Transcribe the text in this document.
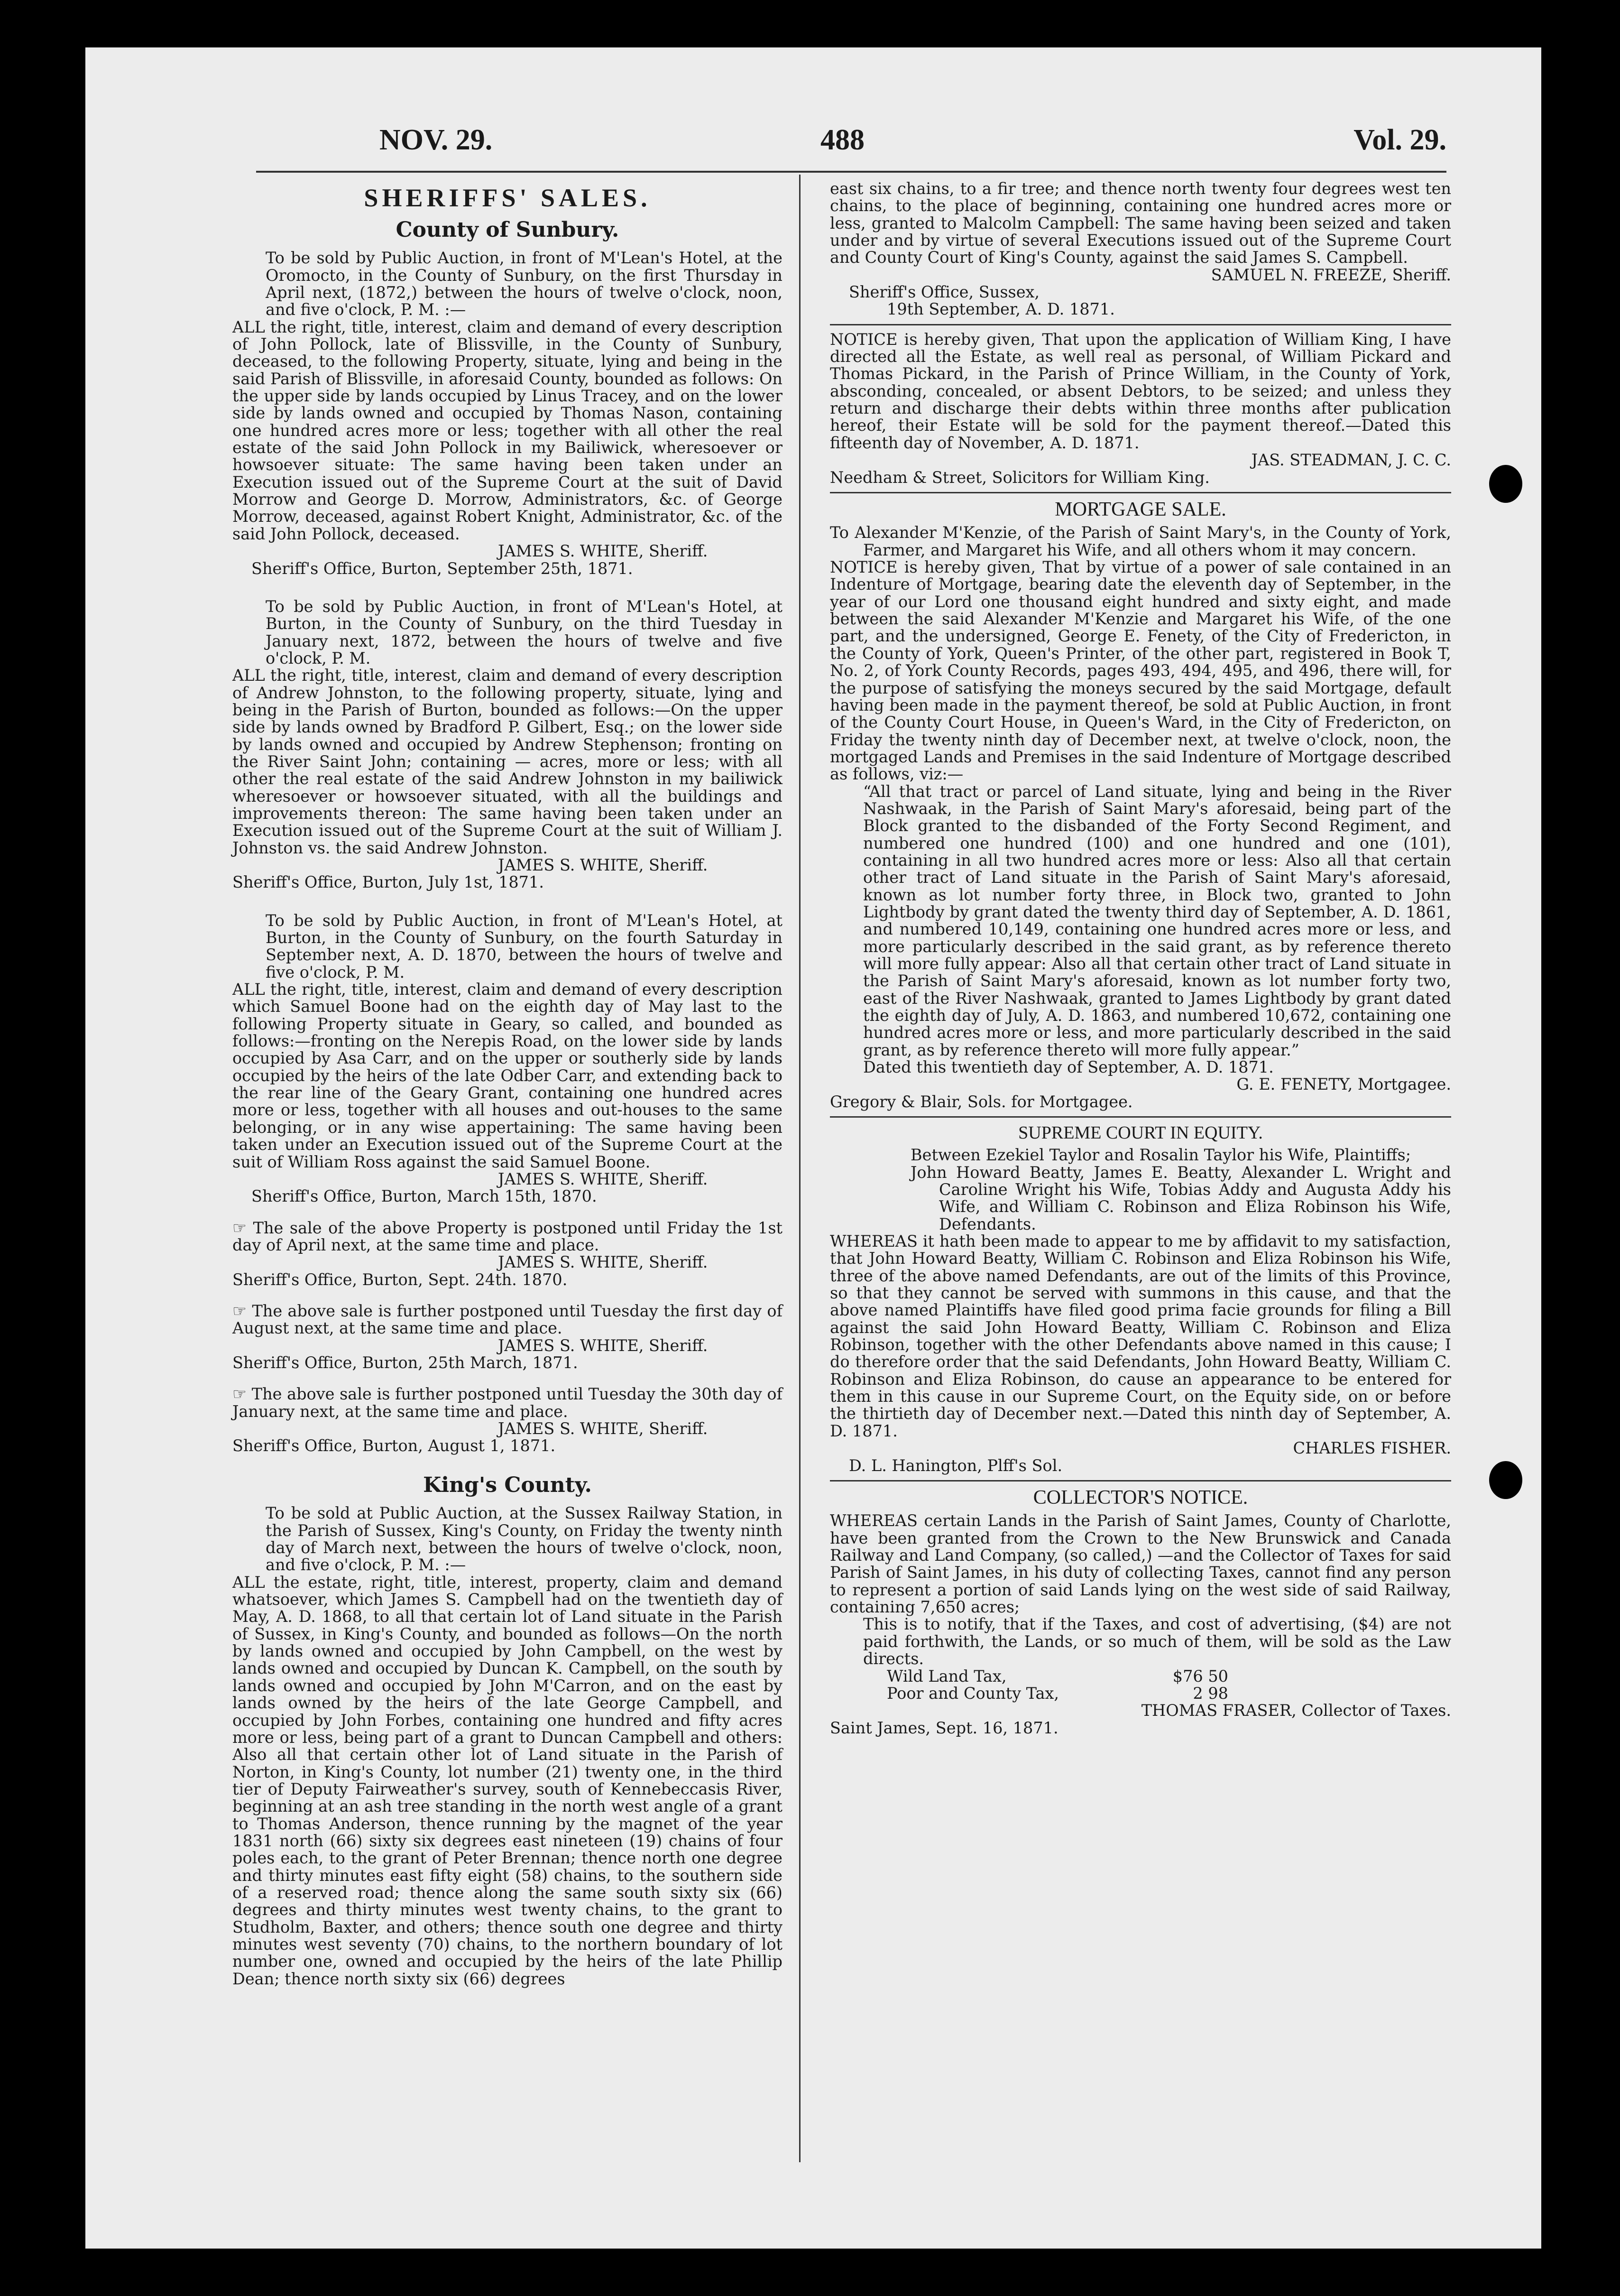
NOV. 29.	488	Vol. 29.
SHERIFFS' SALES.
County of Sunbury.

To be sold by Public Auction, in front of M'Lean's Hotel, at the Oromocto, in the County of Sunbury, on the first Thursday in April next, (1872,) between the hours of twelve o'clock, noon, and five o'clock, P. M. :—

ALL the right, title, interest, claim and demand of every description of John Pollock, late of Blissville, in the County of Sunbury, deceased, to the following Property, situate, lying and being in the said Parish of Blissville, in aforesaid County, bounded as follows: On the upper side by lands occupied by Linus Tracey, and on the lower side by lands owned and occupied by Thomas Nason, containing one hundred acres more or less; together with all other the real estate of the said John Pollock in my Bailiwick, wheresoever or howsoever situate: The same having been taken under an Execution issued out of the Supreme Court at the suit of David Morrow and George D. Morrow, Administrators, &c. of George Morrow, deceased, against Robert Knight, Administrator, &c. of the said John Pollock, deceased.

JAMES S. WHITE, Sheriff.

Sheriff's Office, Burton, September 25th, 1871.

To be sold by Public Auction, in front of M'Lean's Hotel, at Burton, in the County of Sunbury, on the third Tuesday in January next, 1872, between the hours of twelve and five o'clock, P. M.

ALL the right, title, interest, claim and demand of every description of Andrew Johnston, to the following property, situate, lying and being in the Parish of Burton, bounded as follows:—On the upper side by lands owned by Bradford P. Gilbert, Esq.; on the lower side by lands owned and occupied by Andrew Stephenson; fronting on the River Saint John; containing — acres, more or less; with all other the real estate of the said Andrew Johnston in my bailiwick wheresoever or howsoever situated, with all the buildings and improvements thereon: The same having been taken under an Execution issued out of the Supreme Court at the suit of William J. Johnston vs. the said Andrew Johnston.

JAMES S. WHITE, Sheriff.

Sheriff's Office, Burton, July 1st, 1871.

To be sold by Public Auction, in front of M'Lean's Hotel, at Burton, in the County of Sunbury, on the fourth Saturday in September next, A. D. 1870, between the hours of twelve and five o'clock, P. M.

ALL the right, title, interest, claim and demand of every description which Samuel Boone had on the eighth day of May last to the following Property situate in Geary, so called, and bounded as follows:—fronting on the Nerepis Road, on the lower side by lands occupied by Asa Carr, and on the upper or southerly side by lands occupied by the heirs of the late Odber Carr, and extending back to the rear line of the Geary Grant, containing one hundred acres more or less, together with all houses and out-houses to the same belonging, or in any wise appertaining: The same having been taken under an Execution issued out of the Supreme Court at the suit of William Ross against the said Samuel Boone.

JAMES S. WHITE, Sheriff.

Sheriff's Office, Burton, March 15th, 1870.

☞ The sale of the above Property is postponed until Friday the 1st day of April next, at the same time and place.

JAMES S. WHITE, Sheriff.

Sheriff's Office, Burton, Sept. 24th. 1870.

☞ The above sale is further postponed until Tuesday the first day of August next, at the same time and place.

JAMES S. WHITE, Sheriff.

Sheriff's Office, Burton, 25th March, 1871.

☞ The above sale is further postponed until Tuesday the 30th day of January next, at the same time and place.

JAMES S. WHITE, Sheriff.

Sheriff's Office, Burton, August 1, 1871.

King's County.

To be sold at Public Auction, at the Sussex Railway Station, in the Parish of Sussex, King's County, on Friday the twenty ninth day of March next, between the hours of twelve o'clock, noon, and five o'clock, P. M. :—

ALL the estate, right, title, interest, property, claim and demand whatsoever, which James S. Campbell had on the twentieth day of May, A. D. 1868, to all that certain lot of Land situate in the Parish of Sussex, in King's County, and bounded as follows—On the north by lands owned and occupied by John Campbell, on the west by lands owned and occupied by Duncan K. Campbell, on the south by lands owned and occupied by John M'Carron, and on the east by lands owned by the heirs of the late George Campbell, and occupied by John Forbes, containing one hundred and fifty acres more or less, being part of a grant to Duncan Campbell and others: Also all that certain other lot of Land situate in the Parish of Norton, in King's County, lot number (21) twenty one, in the third tier of Deputy Fairweather's survey, south of Kennebeccasis River, beginning at an ash tree standing in the north west angle of a grant to Thomas Anderson, thence running by the magnet of the year 1831 north (66) sixty six degrees east nineteen (19) chains of four poles each, to the grant of Peter Brennan; thence north one degree and thirty minutes east fifty eight (58) chains, to the southern side of a reserved road; thence along the same south sixty six (66) degrees and thirty minutes west twenty chains, to the grant to Studholm, Baxter, and others; thence south one degree and thirty minutes west seventy (70) chains, to the northern boundary of lot number one, owned and occupied by the heirs of the late Phillip Dean; thence north sixty six (66) degrees

east six chains, to a fir tree; and thence north twenty four degrees west ten chains, to the place of beginning, containing one hundred acres more or less, granted to Malcolm Campbell: The same having been seized and taken under and by virtue of several Executions issued out of the Supreme Court and County Court of King's County, against the said James S. Campbell.

SAMUEL N. FREEZE, Sheriff.

Sheriff's Office, Sussex,

19th September, A. D. 1871.

NOTICE is hereby given, That upon the application of William King, I have directed all the Estate, as well real as personal, of William Pickard and Thomas Pickard, in the Parish of Prince William, in the County of York, absconding, concealed, or absent Debtors, to be seized; and unless they return and discharge their debts within three months after publication hereof, their Estate will be sold for the payment thereof.—Dated this fifteenth day of November, A. D. 1871.

JAS. STEADMAN, J. C. C.

Needham & Street, Solicitors for William King.

MORTGAGE SALE.

To Alexander M'Kenzie, of the Parish of Saint Mary's, in the County of York, Farmer, and Margaret his Wife, and all others whom it may concern.

NOTICE is hereby given, That by virtue of a power of sale contained in an Indenture of Mortgage, bearing date the eleventh day of September, in the year of our Lord one thousand eight hundred and sixty eight, and made between the said Alexander M'Kenzie and Margaret his Wife, of the one part, and the undersigned, George E. Fenety, of the City of Fredericton, in the County of York, Queen's Printer, of the other part, registered in Book T, No. 2, of York County Records, pages 493, 494, 495, and 496, there will, for the purpose of satisfying the moneys secured by the said Mortgage, default having been made in the payment thereof, be sold at Public Auction, in front of the County Court House, in Queen's Ward, in the City of Fredericton, on Friday the twenty ninth day of December next, at twelve o'clock, noon, the mortgaged Lands and Premises in the said Indenture of Mortgage described as follows, viz:—

“All that tract or parcel of Land situate, lying and being in the River Nashwaak, in the Parish of Saint Mary's aforesaid, being part of the Block granted to the disbanded of the Forty Second Regiment, and numbered one hundred (100) and one hundred and one (101), containing in all two hundred acres more or less: Also all that certain other tract of Land situate in the Parish of Saint Mary's aforesaid, known as lot number forty three, in Block two, granted to John Lightbody by grant dated the twenty third day of September, A. D. 1861, and numbered 10,149, containing one hundred acres more or less, and more particularly described in the said grant, as by reference thereto will more fully appear: Also all that certain other tract of Land situate in the Parish of Saint Mary's aforesaid, known as lot number forty two, east of the River Nashwaak, granted to James Lightbody by grant dated the eighth day of July, A. D. 1863, and numbered 10,672, containing one hundred acres more or less, and more particularly described in the said grant, as by reference thereto will more fully appear.”

Dated this twentieth day of September, A. D. 1871.

G. E. FENETY, Mortgagee.

Gregory & Blair, Sols. for Mortgagee.

SUPREME COURT IN EQUITY.

Between Ezekiel Taylor and Rosalin Taylor his Wife, Plaintiffs;

John Howard Beatty, James E. Beatty, Alexander L. Wright and Caroline Wright his Wife, Tobias Addy and Augusta Addy his Wife, and William C. Robinson and Eliza Robinson his Wife, Defendants.

WHEREAS it hath been made to appear to me by affidavit to my satisfaction, that John Howard Beatty, William C. Robinson and Eliza Robinson his Wife, three of the above named Defendants, are out of the limits of this Province, so that they cannot be served with summons in this cause, and that the above named Plaintiffs have filed good prima facie grounds for filing a Bill against the said John Howard Beatty, William C. Robinson and Eliza Robinson, together with the other Defendants above named in this cause; I do therefore order that the said Defendants, John Howard Beatty, William C. Robinson and Eliza Robinson, do cause an appearance to be entered for them in this cause in our Supreme Court, on the Equity side, on or before the thirtieth day of December next.—Dated this ninth day of September, A. D. 1871.

CHARLES FISHER.

D. L. Hanington, Plff's Sol.

COLLECTOR'S NOTICE.

WHEREAS certain Lands in the Parish of Saint James, County of Charlotte, have been granted from the Crown to the New Brunswick and Canada Railway and Land Company, (so called,) —and the Collector of Taxes for said Parish of Saint James, in his duty of collecting Taxes, cannot find any person to represent a portion of said Lands lying on the west side of said Railway, containing 7,650 acres;

This is to notify, that if the Taxes, and cost of advertising, ($4) are not paid forthwith, the Lands, or so much of them, will be sold as the Law directs.

Wild Land Tax,	$76 50
Poor and County Tax,	2 98

THOMAS FRASER, Collector of Taxes.

Saint James, Sept. 16, 1871.
